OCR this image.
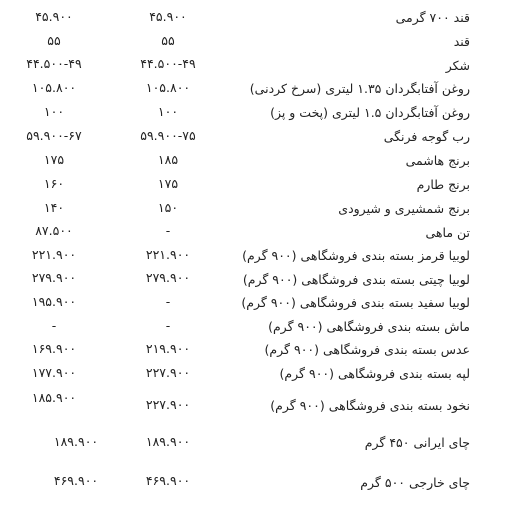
قند ۷۰۰ گرمی
۴۵.۹۰۰
۴۵.۹۰۰
قند
۵۵
۵۵
شکر
۴۴.۵۰۰-۴۹
۴۴.۵۰۰-۴۹
روغن آفتابگردان ۱.۳۵ لیتری (سرخ کردنی)
۱۰۵.۸۰۰
۱۰۵.۸۰۰
روغن آفتابگردان ۱.۵ لیتری (پخت و پز)
۱۰۰
۱۰۰
رب گوجه فرنگی
۵۹.۹۰۰-۷۵
۵۹.۹۰۰-۶۷
برنج هاشمی
۱۸۵
۱۷۵
برنج طارم
۱۷۵
۱۶۰
برنج شمشیری و شیرودی
۱۵۰
۱۴۰
تن ماهی
-
۸۷.۵۰۰
لوبیا قرمز بسته بندی فروشگاهی (۹۰۰ گرم)
۲۲۱.۹۰۰
۲۲۱.۹۰۰
لوبیا چیتی بسته بندی فروشگاهی (۹۰۰ گرم)
۲۷۹.۹۰۰
۲۷۹.۹۰۰
لوبیا سفید بسته بندی فروشگاهی (۹۰۰ گرم)
-
۱۹۵.۹۰۰
ماش بسته بندی فروشگاهی (۹۰۰ گرم)
-
-
عدس بسته بندی فروشگاهی (۹۰۰ گرم)
۲۱۹.۹۰۰
۱۶۹.۹۰۰
لپه بسته بندی فروشگاهی (۹۰۰ گرم)
۲۲۷.۹۰۰
۱۷۷.۹۰۰
نخود بسته بندی فروشگاهی (۹۰۰ گرم)
۲۲۷.۹۰۰
۱۸۵.۹۰۰
چای ایرانی ۴۵۰ گرم
۱۸۹.۹۰۰
۱۸۹.۹۰۰
چای خارجی ۵۰۰ گرم
۴۶۹.۹۰۰
۴۶۹.۹۰۰
